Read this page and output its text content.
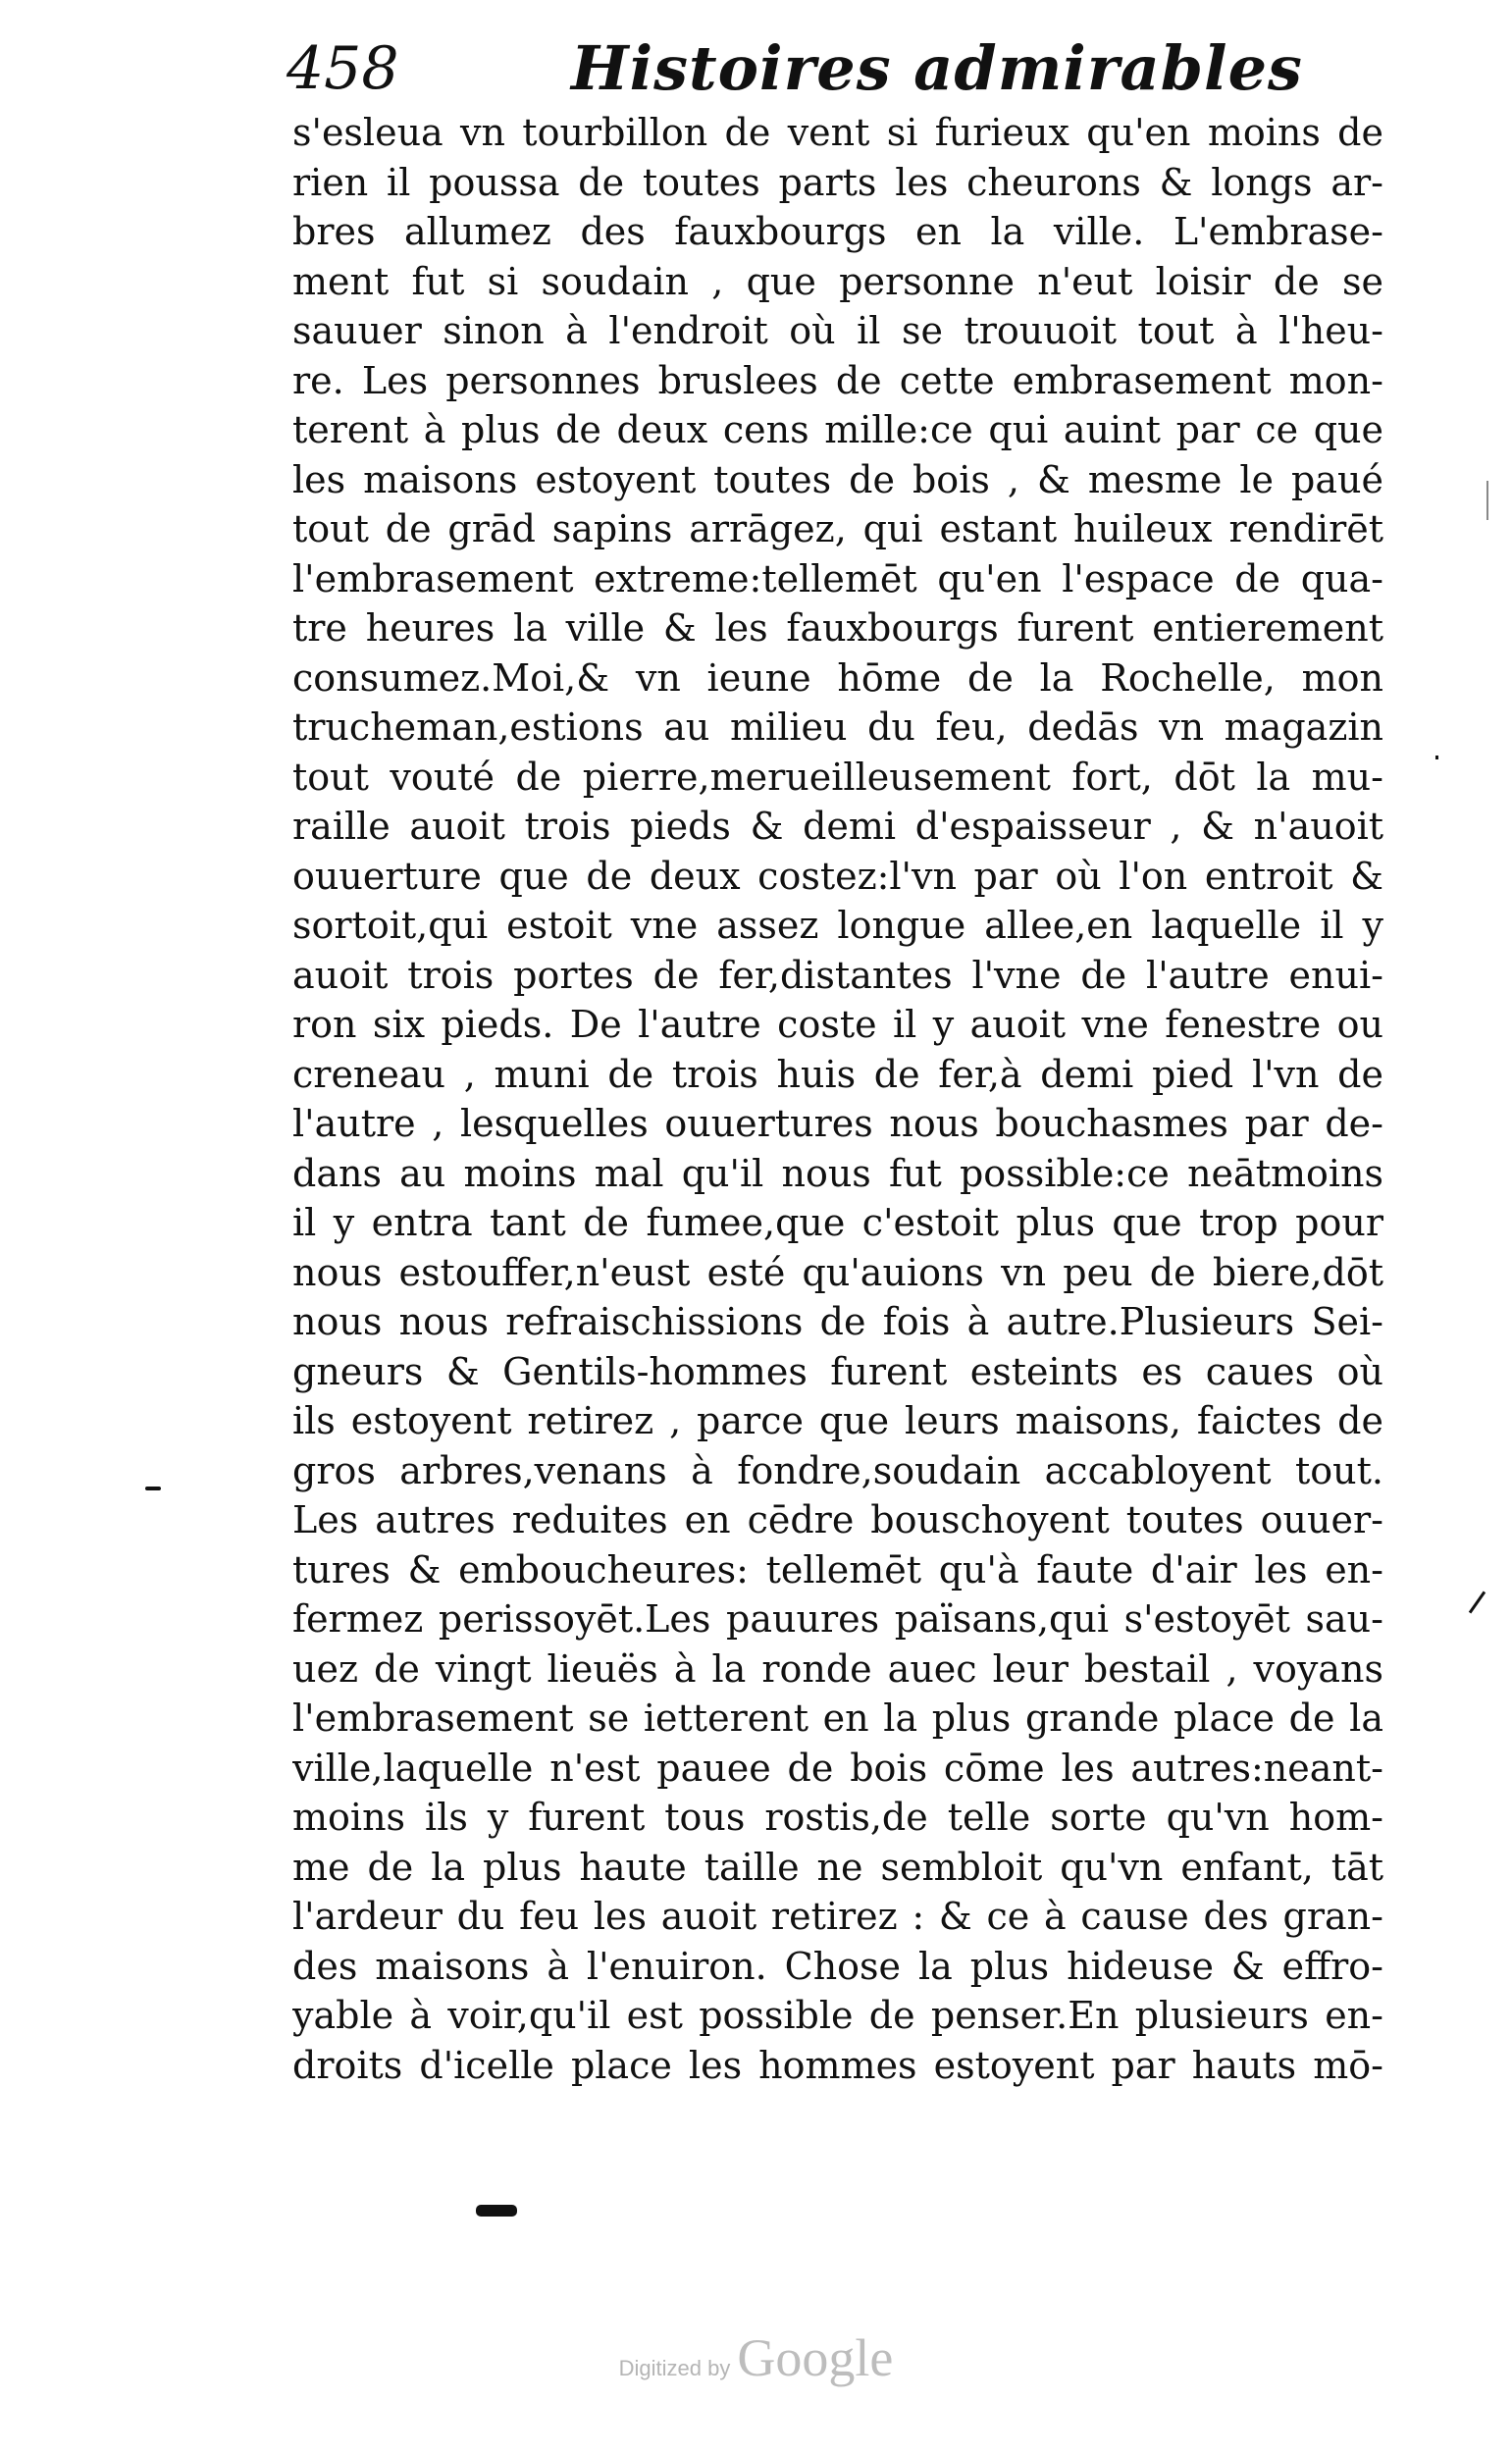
458	Histoires admirables
s'esleua vn tourbillon de vent si furieux qu'en moins de
rien il poussa de toutes parts les cheurons & longs ar-
bres allumez des fauxbourgs en la ville. L'embrase-
ment fut si soudain , que personne n'eut loisir de se
sauuer sinon à l'endroit où il se trouuoit tout à l'heu-
re. Les personnes bruslees de cette embrasement mon-
terent à plus de deux cens mille:ce qui auint par ce que
les maisons estoyent toutes de bois , & mesme le paué
tout de grād sapins arrāgez, qui estant huileux rendirēt
l'embrasement extreme:tellemēt qu'en l'espace de qua-
tre heures la ville & les fauxbourgs furent entierement
consumez.Moi,& vn ieune hōme de la Rochelle, mon
trucheman,estions au milieu du feu, dedās vn magazin
tout vouté de pierre,merueilleusement fort, dōt la mu-
raille auoit trois pieds & demi d'espaisseur , & n'auoit
ouuerture que de deux costez:l'vn par où l'on entroit &
sortoit,qui estoit vne assez longue allee,en laquelle il y
auoit trois portes de fer,distantes l'vne de l'autre enui-
ron six pieds. De l'autre coste il y auoit vne fenestre ou
creneau , muni de trois huis de fer,à demi pied l'vn de
l'autre , lesquelles ouuertures nous bouchasmes par de-
dans au moins mal qu'il nous fut possible:ce neātmoins
il y entra tant de fumee,que c'estoit plus que trop pour
nous estouffer,n'eust esté qu'auions vn peu de biere,dōt
nous nous refraischissions de fois à autre.Plusieurs Sei-
gneurs & Gentils-hommes furent esteints es caues où
ils estoyent retirez , parce que leurs maisons, faictes de
gros arbres,venans à fondre,soudain accabloyent tout.
Les autres reduites en cēdre bouschoyent toutes ouuer-
tures & emboucheures: tellemēt qu'à faute d'air les en-
fermez perissoyēt.Les pauures païsans,qui s'estoyēt sau-
uez de vingt lieuës à la ronde auec leur bestail , voyans
l'embrasement se ietterent en la plus grande place de la
ville,laquelle n'est pauee de bois cōme les autres:neant-
moins ils y furent tous rostis,de telle sorte qu'vn hom-
me de la plus haute taille ne sembloit qu'vn enfant, tāt
l'ardeur du feu les auoit retirez : & ce à cause des gran-
des maisons à l'enuiron. Chose la plus hideuse & effro-
yable à voir,qu'il est possible de penser.En plusieurs en-
droits d'icelle place les hommes estoyent par hauts mō-
Digitized by Google
